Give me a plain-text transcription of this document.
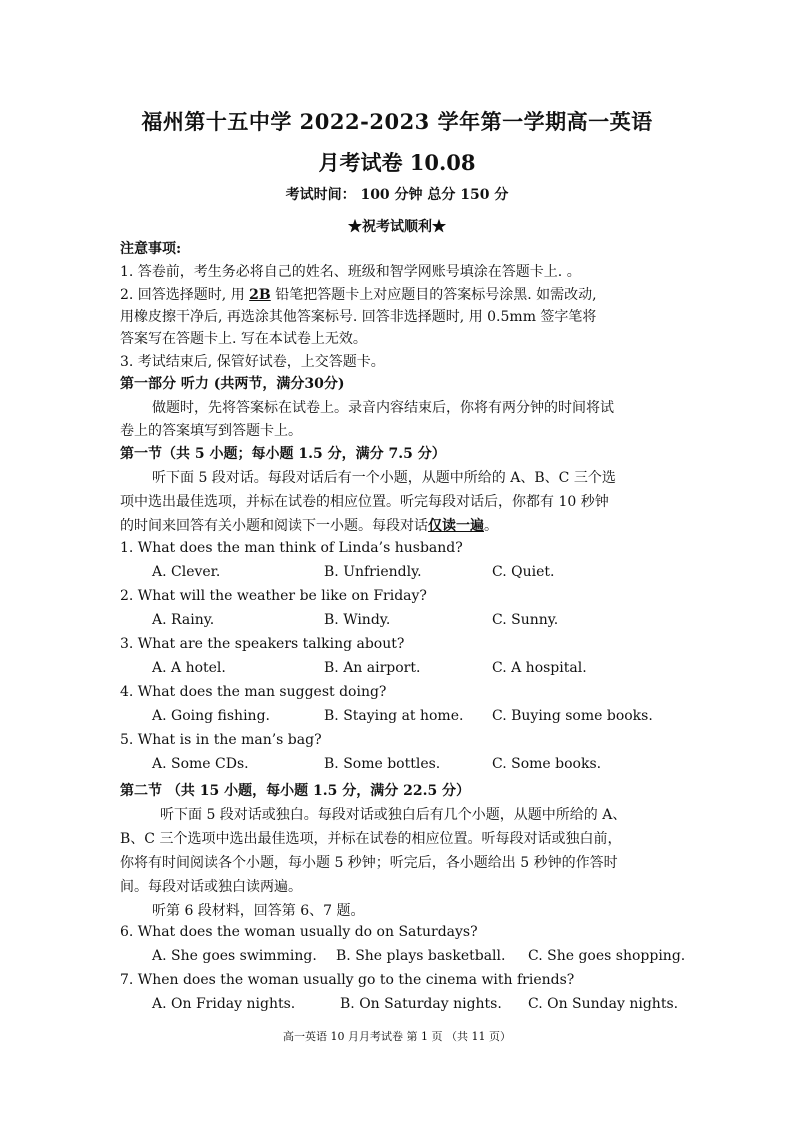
福州第十五中学 2022-2023 学年第一学期高一英语
月考试卷 10.08
考试时间： 100 分钟 总分 150 分
★祝考试顺利★
注意事项:
1. 答卷前，考生务必将自己的姓名、班级和智学网账号填涂在答题卡上. 。
2. 回答选择题时, 用 2B 铅笔把答题卡上对应题目的答案标号涂黑. 如需改动,
用橡皮擦干净后, 再选涂其他答案标号. 回答非选择题时, 用 0.5mm 签字笔将
答案写在答题卡上. 写在本试卷上无效。
3. 考试结束后, 保管好试卷，上交答题卡。
第一部分 听力 (共两节，满分30分)
做题时，先将答案标在试卷上。录音内容结束后，你将有两分钟的时间将试
卷上的答案填写到答题卡上。
第一节（共 5 小题；每小题 1.5 分，满分 7.5 分）
听下面 5 段对话。每段对话后有一个小题，从题中所给的 A、B、C 三个选
项中选出最佳选项，并标在试卷的相应位置。听完每段对话后，你都有 10 秒钟
的时间来回答有关小题和阅读下一小题。每段对话仅读一遍。
1. What does the man think of Linda’s husband?
A. Clever.	B. Unfriendly.	C. Quiet.
2. What will the weather be like on Friday?
A. Rainy.	B. Windy.	C. Sunny.
3. What are the speakers talking about?
A. A hotel.	B. An airport.	C. A hospital.
4. What does the man suggest doing?
A. Going fishing.	B. Staying at home. C. Buying some books.
5. What is in the man’s bag?
A. Some CDs.	B. Some bottles.	C. Some books.
第二节 （共 15 小题，每小题 1.5 分，满分 22.5 分）
听下面 5 段对话或独白。每段对话或独白后有几个小题，从题中所给的 A、
B、C 三个选项中选出最佳选项，并标在试卷的相应位置。听每段对话或独白前，
你将有时间阅读各个小题，每小题 5 秒钟；听完后，各小题给出 5 秒钟的作答时
间。每段对话或独白读两遍。
听第 6 段材料，回答第 6、7 题。
6. What does the woman usually do on Saturdays?
A. She goes swimming. B. She plays basketball. C. She goes shopping.
7. When does the woman usually go to the cinema with friends?
A. On Friday nights.	B. On Saturday nights. C. On Sunday nights.
高一英语 10 月月考试卷 第 1 页 （共 11 页）
